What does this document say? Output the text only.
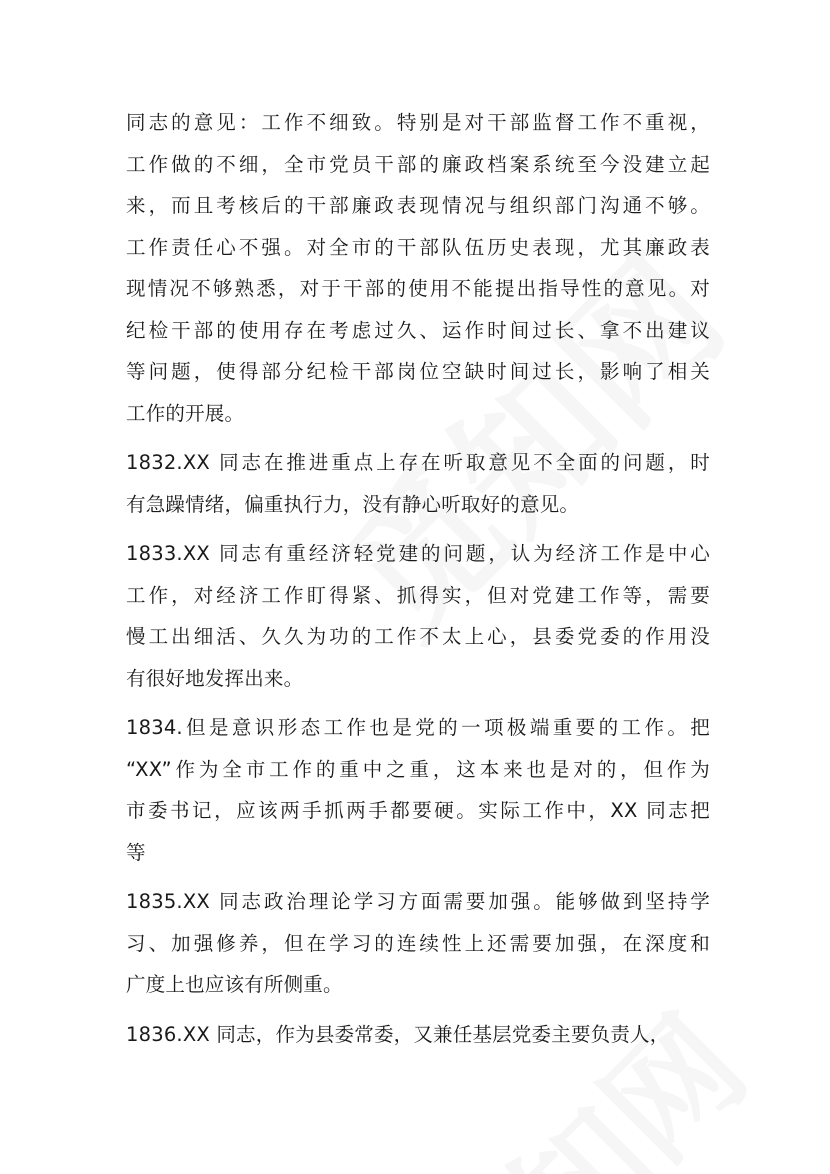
同志的意见：工作不细致。特别是对干部监督工作不重视，
工作做的不细，全市党员干部的廉政档案系统至今没建立起
来，而且考核后的干部廉政表现情况与组织部门沟通不够。
工作责任心不强。对全市的干部队伍历史表现，尤其廉政表
现情况不够熟悉，对于干部的使用不能提出指导性的意见。对
纪检干部的使用存在考虑过久、运作时间过长、拿不出建议
等问题，使得部分纪检干部岗位空缺时间过长，影响了相关
工作的开展。
1832.XX 同志在推进重点上存在听取意见不全面的问题，时
有急躁情绪，偏重执行力，没有静心听取好的意见。
1833.XX 同志有重经济轻党建的问题，认为经济工作是中心
工作，对经济工作盯得紧、抓得实，但对党建工作等，需要
慢工出细活、久久为功的工作不太上心，县委党委的作用没
有很好地发挥出来。
1834.但是意识形态工作也是党的一项极端重要的工作。把
“XX”作为全市工作的重中之重，这本来也是对的，但作为
市委书记，应该两手抓两手都要硬。实际工作中，XX 同志把
等
1835.XX 同志政治理论学习方面需要加强。能够做到坚持学
习、加强修养，但在学习的连续性上还需要加强，在深度和
广度上也应该有所侧重。
1836.XX 同志，作为县委常委，又兼任基层党委主要负责人，
